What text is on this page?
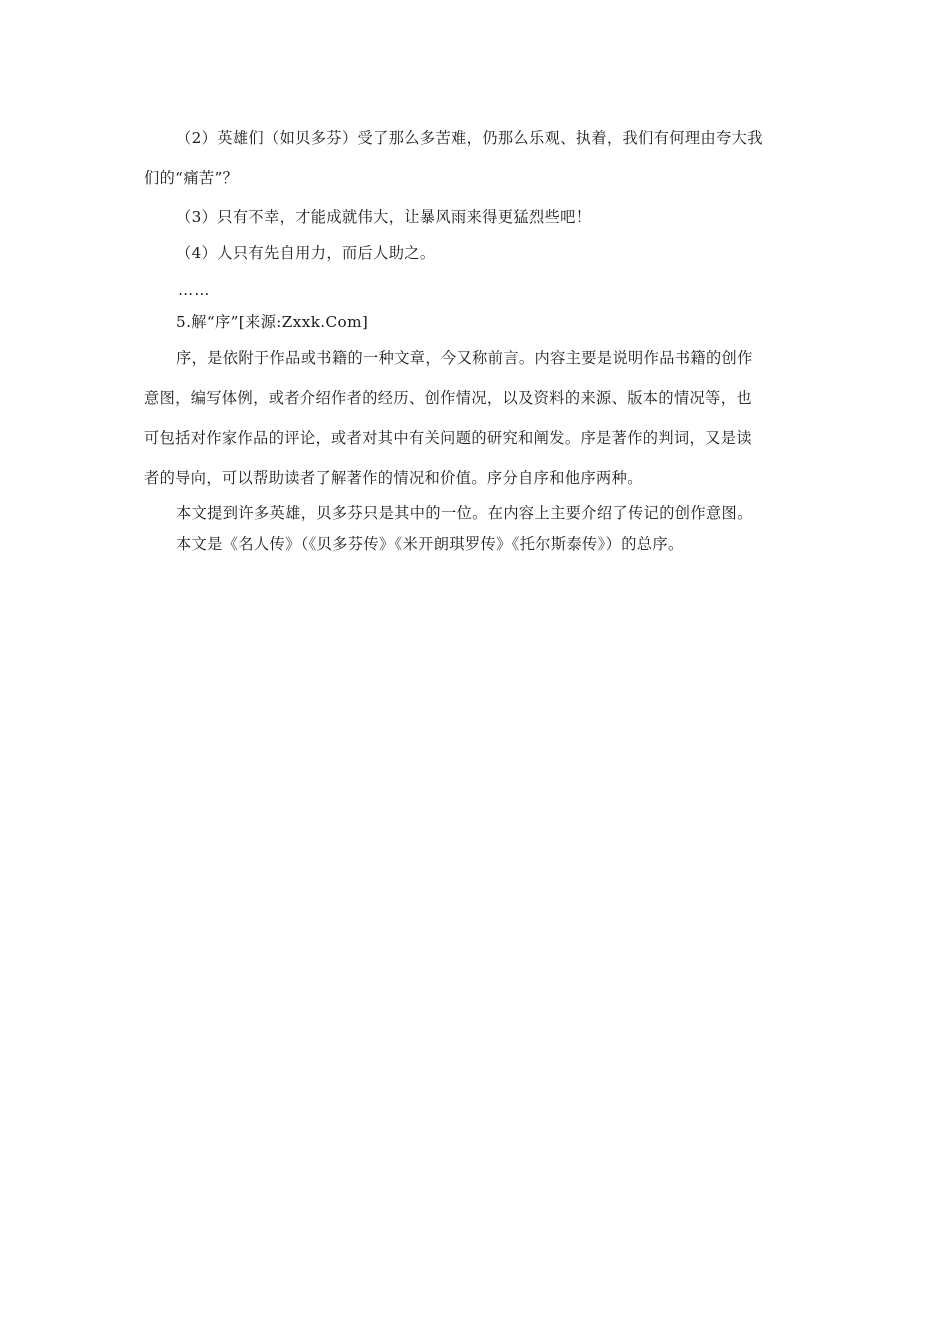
（2）英雄们（如贝多芬）受了那么多苦难，仍那么乐观、执着，我们有何理由夸大我
们的“痛苦”？

（3）只有不幸，才能成就伟大，让暴风雨来得更猛烈些吧！

（4）人只有先自用力，而后人助之。

……

5.解“序”[来源:Zxxk.Com]

序，是依附于作品或书籍的一种文章，今又称前言。内容主要是说明作品书籍的创作
意图，编写体例，或者介绍作者的经历、创作情况，以及资料的来源、版本的情况等，也
可包括对作家作品的评论，或者对其中有关问题的研究和阐发。序是著作的判词，又是读
者的导向，可以帮助读者了解著作的情况和价值。序分自序和他序两种。

本文提到许多英雄，贝多芬只是其中的一位。在内容上主要介绍了传记的创作意图。

本文是《名人传》（《贝多芬传》《米开朗琪罗传》《托尔斯泰传》）的总序。
